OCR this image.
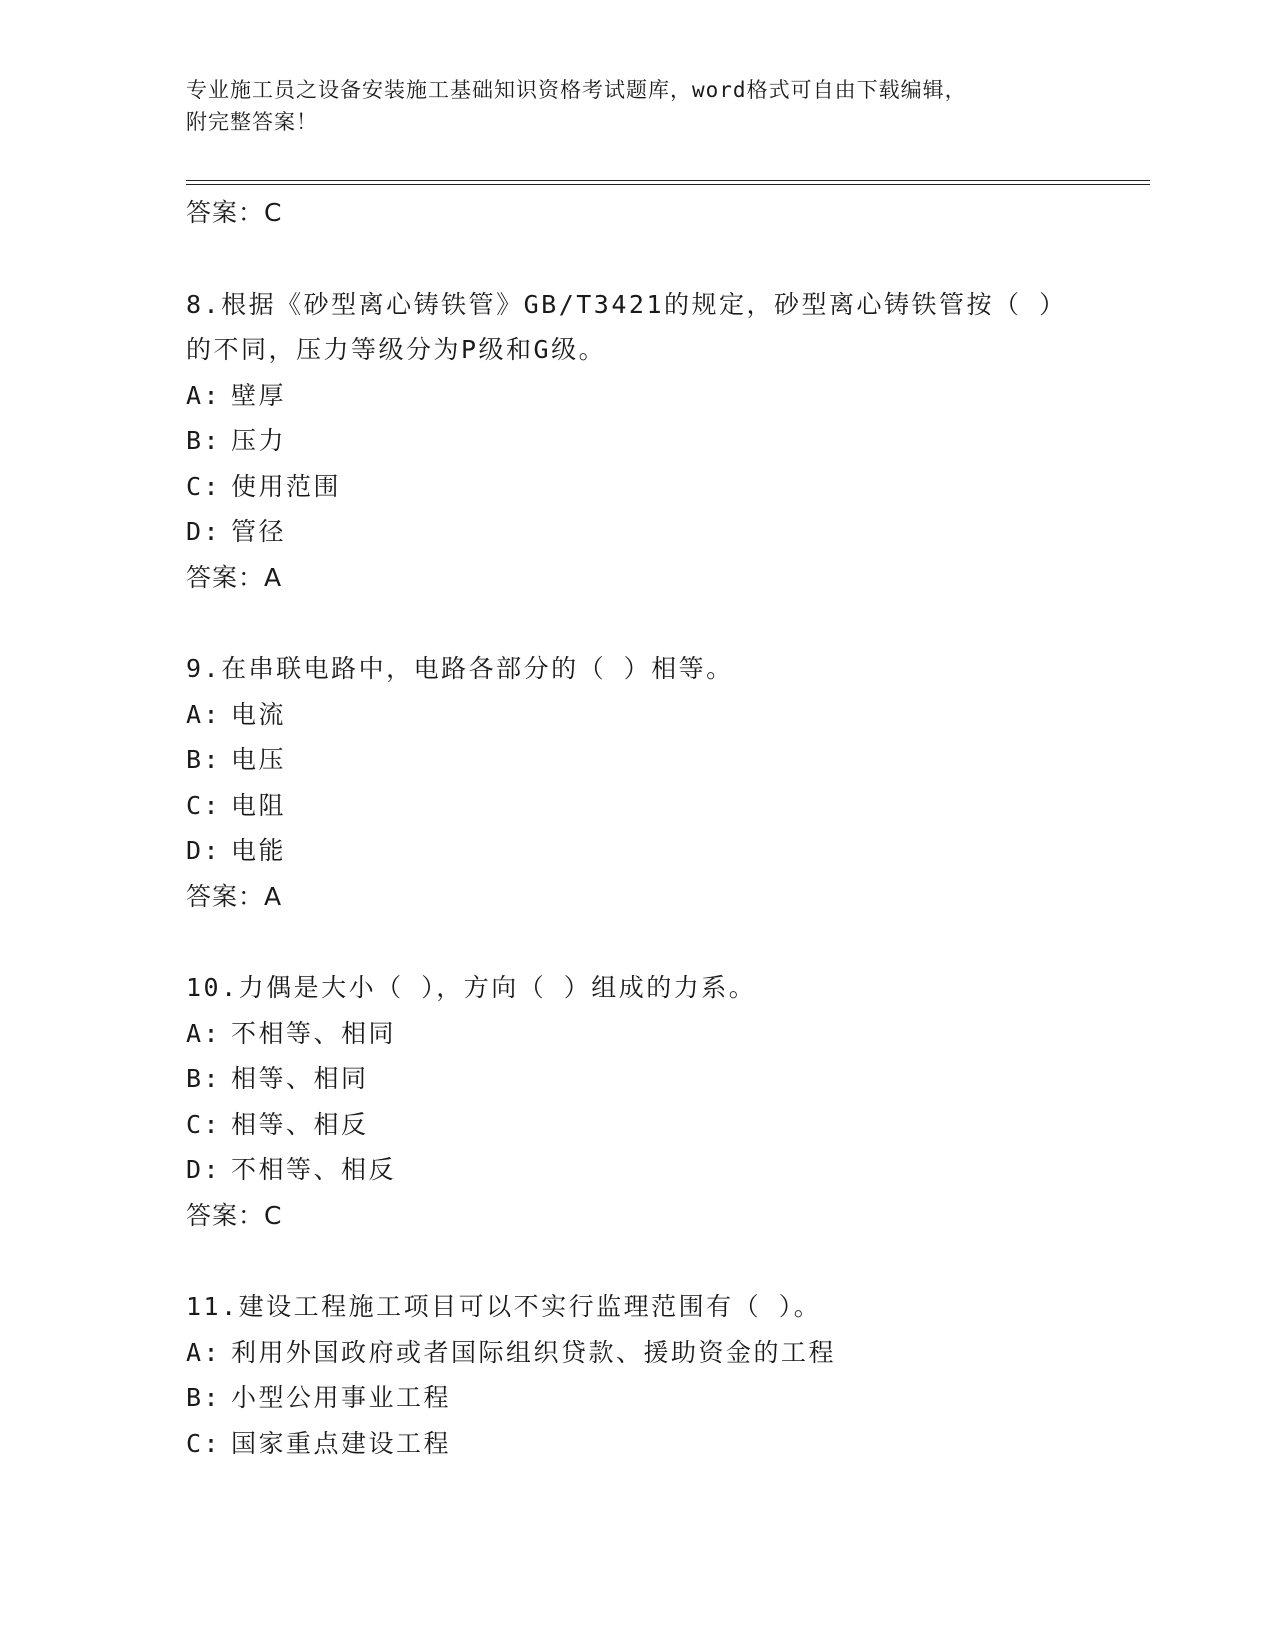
专业施工员之设备安装施工基础知识资格考试题库，word格式可自由下载编辑，
附完整答案！
答案：C
8.根据《砂型离心铸铁管》GB/T3421的规定，砂型离心铸铁管按（ ）
的不同，压力等级分为P级和G级。
A: 壁厚
B: 压力
C: 使用范围
D: 管径
答案：A
9.在串联电路中，电路各部分的（ ）相等。
A: 电流
B: 电压
C: 电阻
D: 电能
答案：A
10.力偶是大小（ ），方向（ ）组成的力系。
A: 不相等、相同
B: 相等、相同
C: 相等、相反
D: 不相等、相反
答案：C
11.建设工程施工项目可以不实行监理范围有（ ）。
A: 利用外国政府或者国际组织贷款、援助资金的工程
B: 小型公用事业工程
C: 国家重点建设工程
